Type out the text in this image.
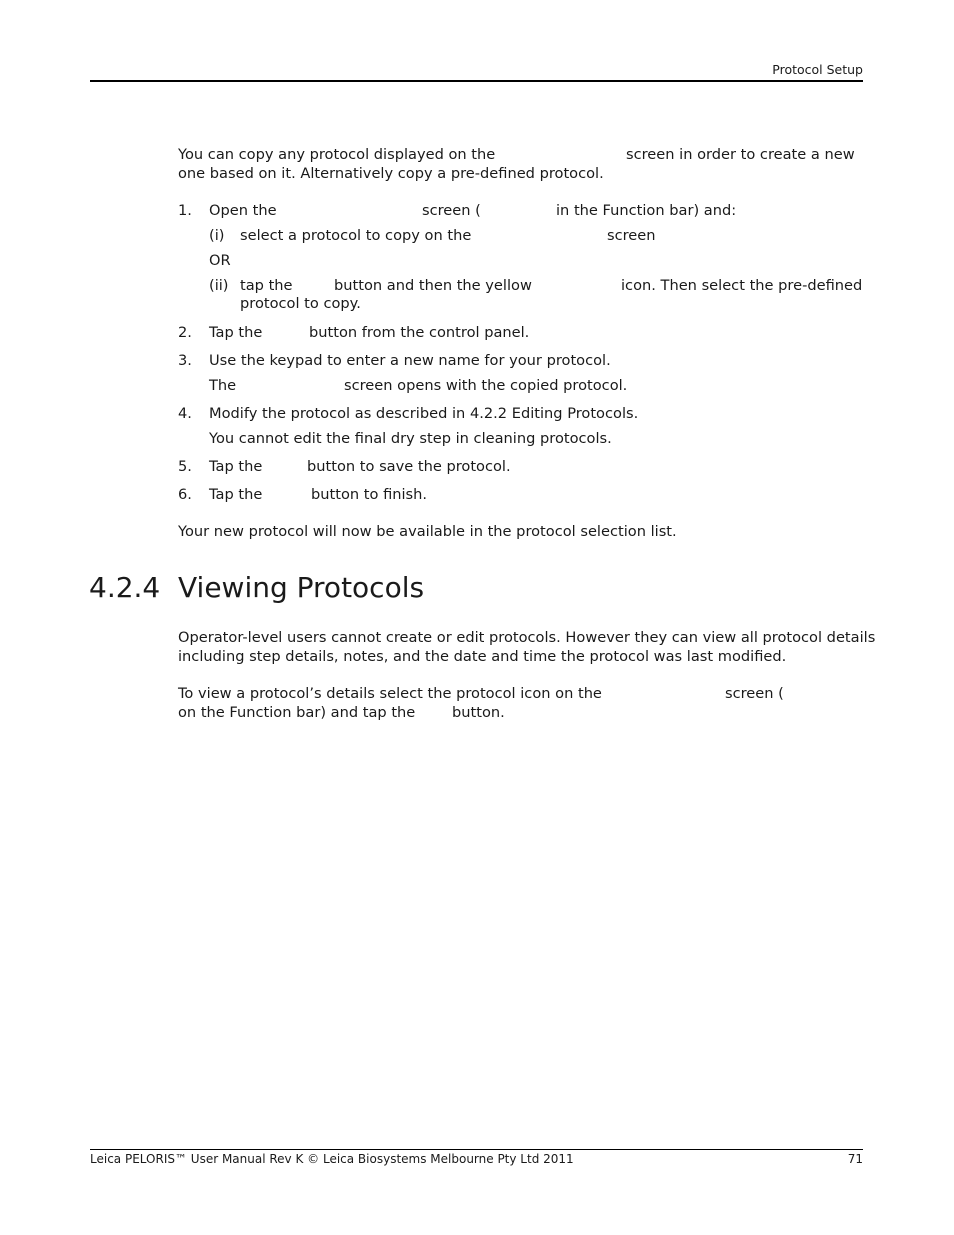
Protocol Setup
You can copy any protocol displayed on the	screen in order to create a new
one based on it. Alternatively copy a pre-defined protocol.
1. Open the	screen (	in the Function bar) and:
(i) select a protocol to copy on the	screen
OR
(ii) tap the	button and then the yellow	icon. Then select the pre-defined
protocol to copy.
2. Tap the	button from the control panel.
3. Use the keypad to enter a new name for your protocol.
The	screen opens with the copied protocol.
4. Modify the protocol as described in 4.2.2 Editing Protocols.
You cannot edit the final dry step in cleaning protocols.
5. Tap the	button to save the protocol.
6. Tap the	button to finish.
Your new protocol will now be available in the protocol selection list.
4.2.4 Viewing Protocols
Operator-level users cannot create or edit protocols. However they can view all protocol details
including step details, notes, and the date and time the protocol was last modified.
To view a protocol’s details select the protocol icon on the	screen (
on the Function bar) and tap the	button.
Leica PELORIS™ User Manual Rev K © Leica Biosystems Melbourne Pty Ltd 2011	71
